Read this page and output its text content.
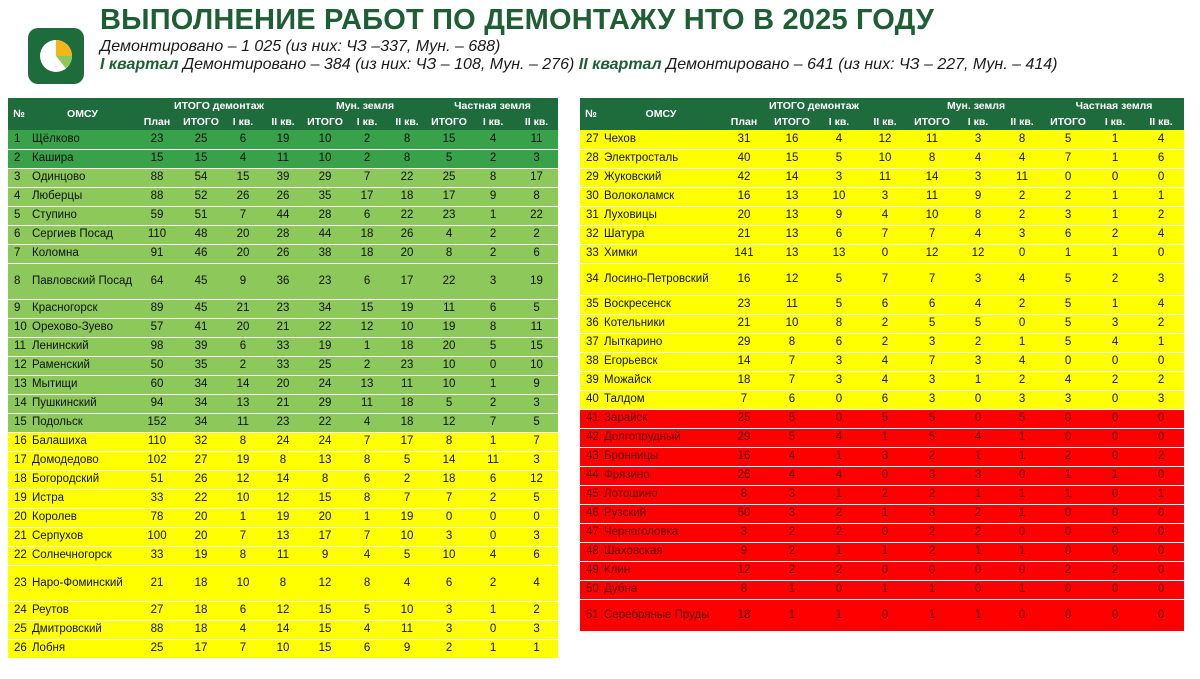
ВЫПОЛНЕНИЕ РАБОТ ПО ДЕМОНТАЖУ НТО В 2025 ГОДУ
Демонтировано – 1 025 (из них: ЧЗ –337, Мун. – 688)
I квартал Демонтировано – 384 (из них: ЧЗ – 108, Мун. – 276) II квартал Демонтировано – 641 (из них: ЧЗ – 227, Мун. – 414)
№	ОМСУ	ИТОГО демонтаж				Мун. земля			Частная земля		
		План	ИТОГО	I кв.	II кв.	ИТОГО	I кв.	II кв.	ИТОГО	I кв.	II кв.
1	Щёлково	23	25	6	19	10	2	8	15	4	11
2	Кашира	15	15	4	11	10	2	8	5	2	3
3	Одинцово	88	54	15	39	29	7	22	25	8	17
4	Люберцы	88	52	26	26	35	17	18	17	9	8
5	Ступино	59	51	7	44	28	6	22	23	1	22
6	Сергиев Посад	110	48	20	28	44	18	26	4	2	2
7	Коломна	91	46	20	26	38	18	20	8	2	6
8	Павловский Посад	64	45	9	36	23	6	17	22	3	19
9	Красногорск	89	45	21	23	34	15	19	11	6	5
10	Орехово-Зуево	57	41	20	21	22	12	10	19	8	11
11	Ленинский	98	39	6	33	19	1	18	20	5	15
12	Раменский	50	35	2	33	25	2	23	10	0	10
13	Мытищи	60	34	14	20	24	13	11	10	1	9
14	Пушкинский	94	34	13	21	29	11	18	5	2	3
15	Подольск	152	34	11	23	22	4	18	12	7	5
16	Балашиха	110	32	8	24	24	7	17	8	1	7
17	Домодедово	102	27	19	8	13	8	5	14	11	3
18	Богородский	51	26	12	14	8	6	2	18	6	12
19	Истра	33	22	10	12	15	8	7	7	2	5
20	Королев	78	20	1	19	20	1	19	0	0	0
21	Серпухов	100	20	7	13	17	7	10	3	0	3
22	Солнечногорск	33	19	8	11	9	4	5	10	4	6
23	Наро-Фоминский	21	18	10	8	12	8	4	6	2	4
24	Реутов	27	18	6	12	15	5	10	3	1	2
25	Дмитровский	88	18	4	14	15	4	11	3	0	3
26	Лобня	25	17	7	10	15	6	9	2	1	1
№	ОМСУ	ИТОГО демонтаж				Мун. земля			Частная земля		
		План	ИТОГО	I кв.	II кв.	ИТОГО	I кв.	II кв.	ИТОГО	I кв.	II кв.
27	Чехов	31	16	4	12	11	3	8	5	1	4
28	Электросталь	40	15	5	10	8	4	4	7	1	6
29	Жуковский	42	14	3	11	14	3	11	0	0	0
30	Волоколамск	16	13	10	3	11	9	2	2	1	1
31	Луховицы	20	13	9	4	10	8	2	3	1	2
32	Шатура	21	13	6	7	7	4	3	6	2	4
33	Химки	141	13	13	0	12	12	0	1	1	0
34	Лосино-Петровский	16	12	5	7	7	3	4	5	2	3
35	Воскресенск	23	11	5	6	6	4	2	5	1	4
36	Котельники	21	10	8	2	5	5	0	5	3	2
37	Лыткарино	29	8	6	2	3	2	1	5	4	1
38	Егорьевск	14	7	3	4	7	3	4	0	0	0
39	Можайск	18	7	3	4	3	1	2	4	2	2
40	Талдом	7	6	0	6	3	0	3	3	0	3
41	Зарайск	25	5	0	5	5	0	5	0	0	0
42	Долгопрудный	29	5	4	1	5	4	1	0	0	0
43	Бронницы	16	4	1	3	2	1	1	2	0	2
44	Фрязино	26	4	4	0	3	3	0	1	1	0
45	Лотошино	8	3	1	2	2	1	1	1	0	1
46	Рузский	50	3	2	1	3	2	1	0	0	0
47	Черноголовка	3	2	2	0	2	2	0	0	0	0
48	Шаховская	9	2	1	1	2	1	1	0	0	0
49	Клин	12	2	2	0	0	0	0	2	2	0
50	Дубна	8	1	0	1	1	0	1	0	0	0
51	Серебряные Пруды	18	1	1	0	1	1	0	0	0	0
